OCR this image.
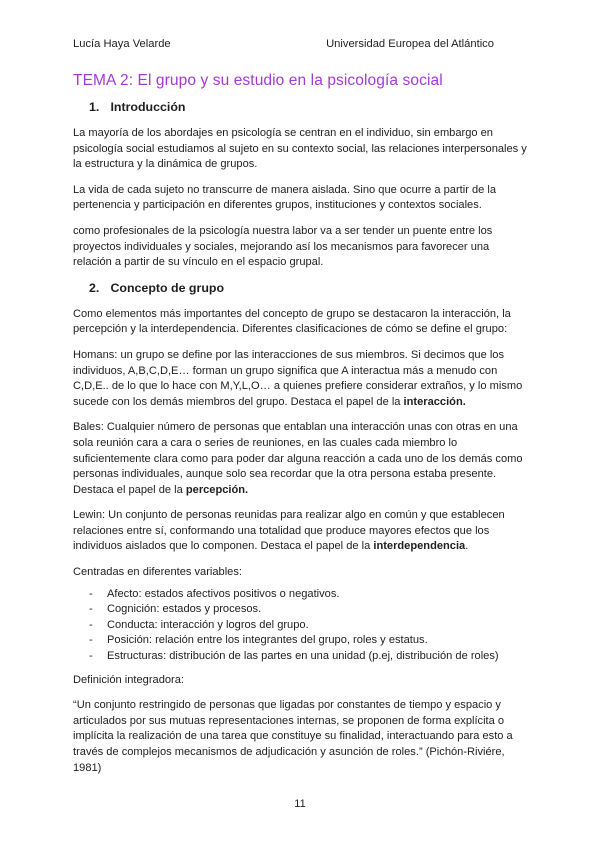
Lucía Haya Velarde	Universidad Europea del Atlántico
TEMA 2: El grupo y su estudio en la psicología social
1. Introducción

La mayoría de los abordajes en psicología se centran en el individuo, sin embargo en psicología social estudiamos al sujeto en su contexto social, las relaciones interpersonales y la estructura y la dinámica de grupos.

La vida de cada sujeto no transcurre de manera aislada. Sino que ocurre a partir de la pertenencia y participación en diferentes grupos, instituciones y contextos sociales.

como profesionales de la psicología nuestra labor va a ser tender un puente entre los proyectos individuales y sociales, mejorando así los mecanismos para favorecer una relación a partir de su vínculo en el espacio grupal.

2. Concepto de grupo

Como elementos más importantes del concepto de grupo se destacaron la interacción, la percepción y la interdependencia. Diferentes clasificaciones de cómo se define el grupo:

Homans: un grupo se define por las interacciones de sus miembros. Si decimos que los individuos, A,B,C,D,E… forman un grupo significa que A interactua más a menudo con C,D,E.. de lo que lo hace con M,Y,L,O… a quienes prefiere considerar extraños, y lo mismo sucede con los demás miembros del grupo. Destaca el papel de la interacción.

Bales: Cualquier número de personas que entablan una interacción unas con otras en una sola reunión cara a cara o series de reuniones, en las cuales cada miembro lo suficientemente clara como para poder dar alguna reacción a cada uno de los demás como personas individuales, aunque solo sea recordar que la otra persona estaba presente. Destaca el papel de la percepción.

Lewin: Un conjunto de personas reunidas para realizar algo en común y que establecen relaciones entre sí, conformando una totalidad que produce mayores efectos que los individuos aislados que lo componen. Destaca el papel de la interdependencia.

Centradas en diferentes variables:

- Afecto: estados afectivos positivos o negativos.
- Cognición: estados y procesos.
- Conducta: interacción y logros del grupo.
- Posición: relación entre los integrantes del grupo, roles y estatus.
- Estructuras: distribución de las partes en una unidad (p.ej, distribución de roles)

Definición integradora:

“Un conjunto restringido de personas que ligadas por constantes de tiempo y espacio y articulados por sus mutuas representaciones internas, se proponen de forma explícita o implícita la realización de una tarea que constituye su finalidad, interactuando para esto a través de complejos mecanismos de adjudicación y asunción de roles.” (Pichón-Riviére, 1981)

11
